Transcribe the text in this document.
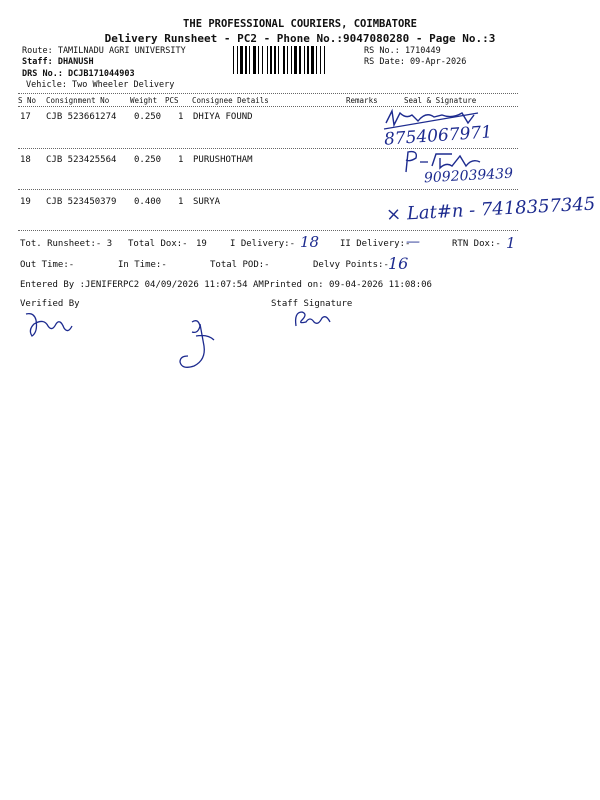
THE PROFESSIONAL COURIERS, COIMBATORE
Delivery Runsheet - PC2 - Phone No.:9047080280 - Page No.:3
Route: TAMILNADU AGRI UNIVERSITY
Staff: DHANUSH
DRS No.: DCJB171044903
Vehicle: Two Wheeler Delivery
RS No.: 1710449
RS Date: 09-Apr-2026
S No Consignment No	Weight PCS Consignee Details	Remarks	Seal & Signature
17 CJB 523661274 0.250 1 DHIYA FOUND
18 CJB 523425564 0.250 1 PURUSHOTHAM
19 CJB 523450379 0.400 1 SURYA
8754067971
9092039439
× Lat#n - 7418357345
Tot. Runsheet:- 3 Total Dox:- 19	I Delivery:- 18 II Delivery:-
—	RTN Dox:- 1
Out Time:-	In Time:-	Total POD:-	Delvy Points:- 16
Entered By :JENIFERPC2 04/09/2026 11:07:54 AM Printed on: 09-04-2026 11:08:06
Verified By	Staff Signature
